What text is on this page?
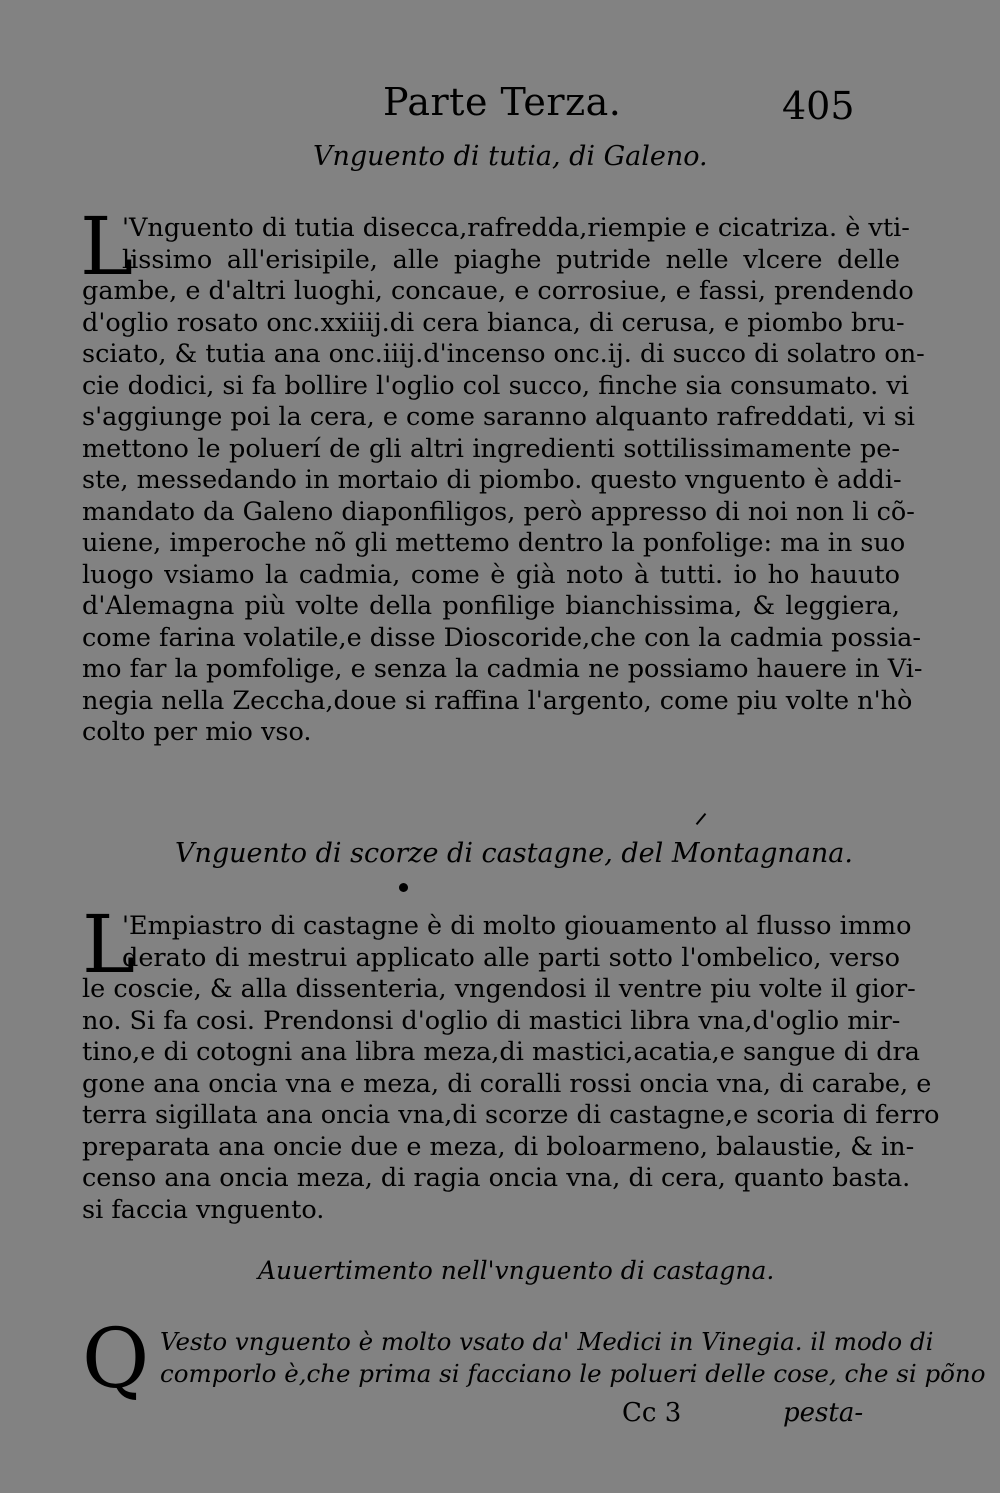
Parte Terza.	405
Vnguento di tutia, di Galeno.
L
'Vnguento di tutia disecca,rafredda,riempie e cicatriza. è vti-
lissimo all'erisipile, alle piaghe putride nelle vlcere delle
gambe, e d'altri luoghi, concaue, e corrosiue, e fassi, prendendo
d'oglio rosato onc.xxiiij.di cera bianca, di cerusa, e piombo bru-
sciato, & tutia ana onc.iiij.d'incenso onc.ij. di succo di solatro on-
cie dodici, si fa bollire l'oglio col succo, finche sia consumato. vi
s'aggiunge poi la cera, e come saranno alquanto rafreddati, vi si
mettono le poluerí de gli altri ingredienti sottilissimamente pe-
ste, messedando in mortaio di piombo. questo vnguento è addi-
mandato da Galeno diaponfiligos, però appresso di noi non li cõ-
uiene, imperoche nõ gli mettemo dentro la ponfolige: ma in suo
luogo vsiamo la cadmia, come è già noto à tutti. io ho hauuto
d'Alemagna più volte della ponfilige bianchissima, & leggiera,
come farina volatile,e disse Dioscoride,che con la cadmia possia-
mo far la pomfolige, e senza la cadmia ne possiamo hauere in Vi-
negia nella Zeccha,doue si raffina l'argento, come piu volte n'hò
colto per mio vso.
Vnguento di scorze di castagne, del Montagnana.
L
'Empiastro di castagne è di molto giouamento al flusso immo
derato di mestrui applicato alle parti sotto l'ombelico, verso
le coscie, & alla dissenteria, vngendosi il ventre piu volte il gior-
no. Si fa cosi. Prendonsi d'oglio di mastici libra vna,d'oglio mir-
tino,e di cotogni ana libra meza,di mastici,acatia,e sangue di dra
gone ana oncia vna e meza, di coralli rossi oncia vna, di carabe, e
terra sigillata ana oncia vna,di scorze di castagne,e scoria di ferro
preparata ana oncie due e meza, di boloarmeno, balaustie, & in-
censo ana oncia meza, di ragia oncia vna, di cera, quanto basta.
si faccia vnguento.
Auuertimento nell'vnguento di castagna.
Q Vesto vnguento è molto vsato da' Medici in Vinegia. il modo di
comporlo è,che prima si facciano le polueri delle cose, che si põno
Cc 3	pesta-
